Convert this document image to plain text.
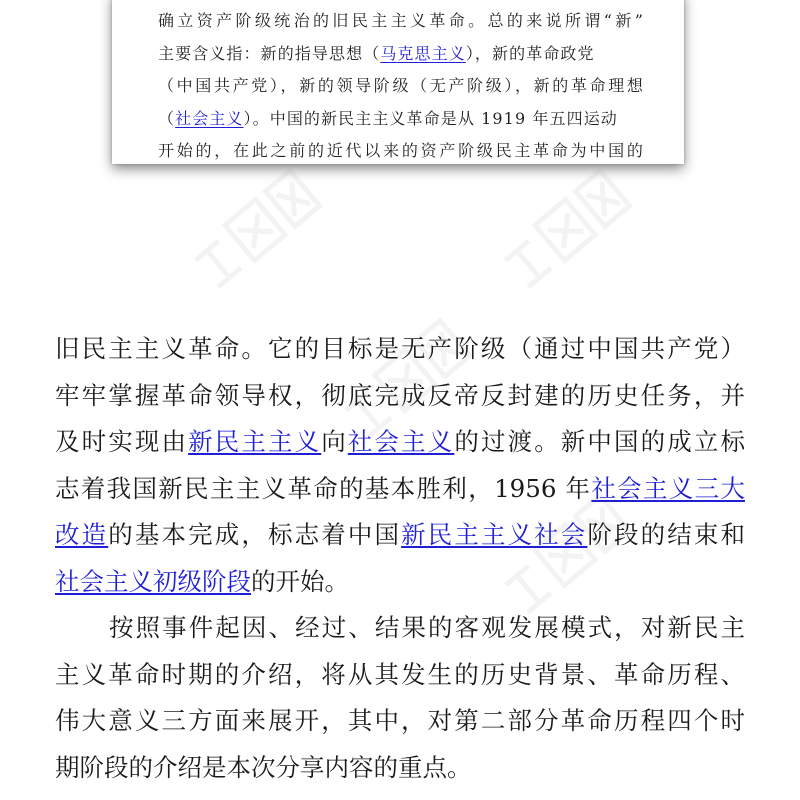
确立资产阶级统治的旧民主主义革命。总的来说所谓“新”
主要含义指：新的指导思想（马克思主义），新的革命政党
（中国共产党），新的领导阶级（无产阶级），新的革命理想
（社会主义）。中国的新民主主义革命是从 1919 年五四运动
开始的，在此之前的近代以来的资产阶级民主革命为中国的
旧民主主义革命。它的目标是无产阶级（通过中国共产党）
牢牢掌握革命领导权，彻底完成反帝反封建的历史任务，并
及时实现由新民主主义向社会主义的过渡。新中国的成立标
志着我国新民主主义革命的基本胜利，1956 年社会主义三大
改造的基本完成，标志着中国新民主主义社会阶段的结束和
社会主义初级阶段的开始。
按照事件起因、经过、结果的客观发展模式，对新民主
主义革命时期的介绍，将从其发生的历史背景、革命历程、
伟大意义三方面来展开，其中，对第二部分革命历程四个时
期阶段的介绍是本次分享内容的重点。
